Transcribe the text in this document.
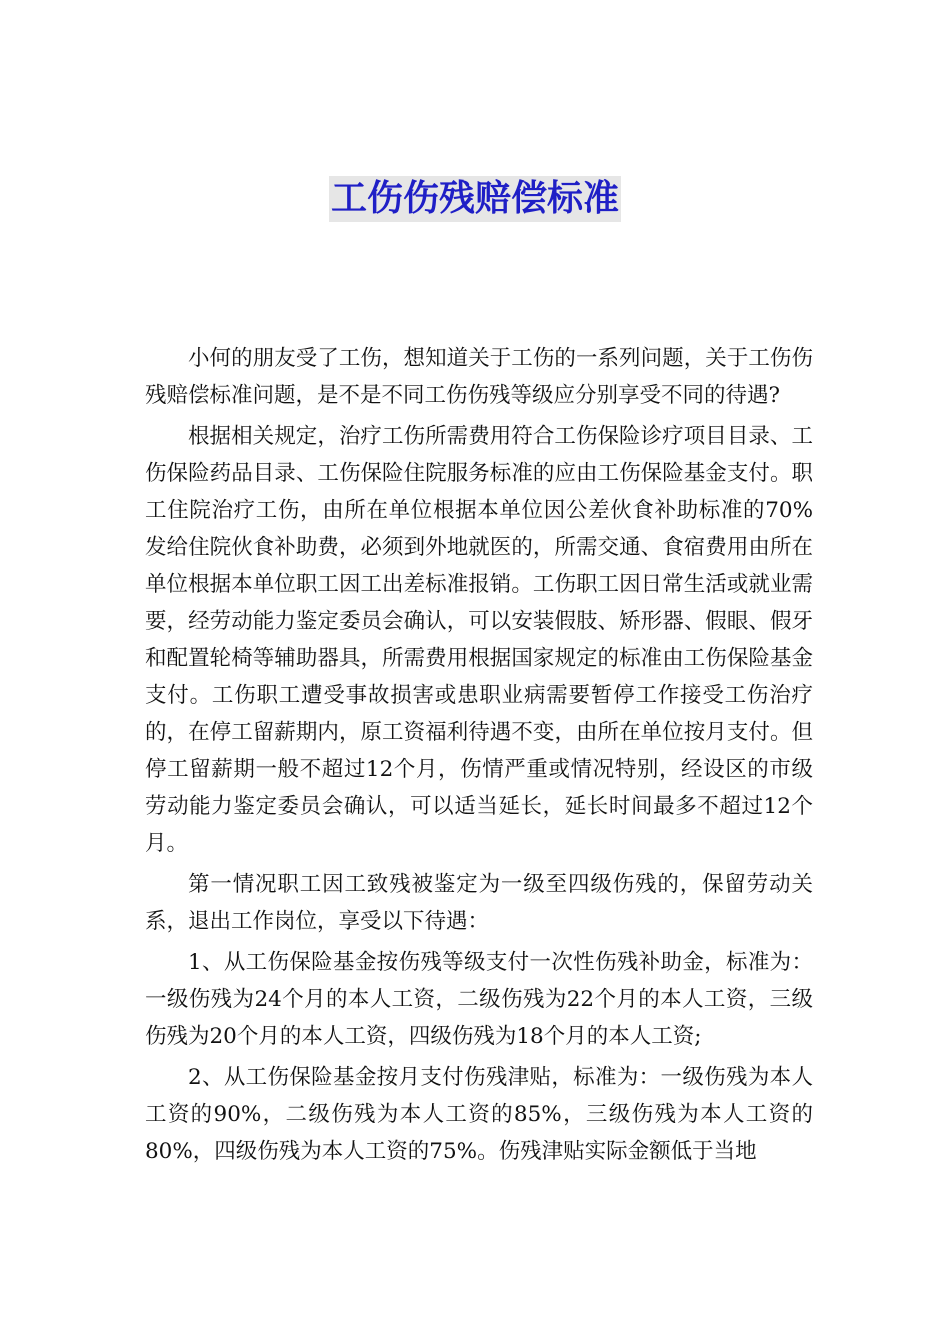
工伤伤残赔偿标准

小何的朋友受了工伤，想知道关于工伤的一系列问题，关于工伤伤残赔偿标准问题，是不是不同工伤伤残等级应分别享受不同的待遇?

根据相关规定，治疗工伤所需费用符合工伤保险诊疗项目目录、工伤保险药品目录、工伤保险住院服务标准的应由工伤保险基金支付。职工住院治疗工伤，由所在单位根据本单位因公差伙食补助标准的70%发给住院伙食补助费，必须到外地就医的，所需交通、食宿费用由所在单位根据本单位职工因工出差标准报销。工伤职工因日常生活或就业需要，经劳动能力鉴定委员会确认，可以安装假肢、矫形器、假眼、假牙和配置轮椅等辅助器具，所需费用根据国家规定的标准由工伤保险基金支付。工伤职工遭受事故损害或患职业病需要暂停工作接受工伤治疗的，在停工留薪期内，原工资福利待遇不变，由所在单位按月支付。但停工留薪期一般不超过12个月，伤情严重或情况特别，经设区的市级劳动能力鉴定委员会确认，可以适当延长，延长时间最多不超过12个月。

第一情况职工因工致残被鉴定为一级至四级伤残的，保留劳动关系，退出工作岗位，享受以下待遇：

1、从工伤保险基金按伤残等级支付一次性伤残补助金，标准为：一级伤残为24个月的本人工资，二级伤残为22个月的本人工资，三级伤残为20个月的本人工资，四级伤残为18个月的本人工资;

2、从工伤保险基金按月支付伤残津贴，标准为：一级伤残为本人工资的90%，二级伤残为本人工资的85%，三级伤残为本人工资的80%，四级伤残为本人工资的75%。伤残津贴实际金额低于当地
